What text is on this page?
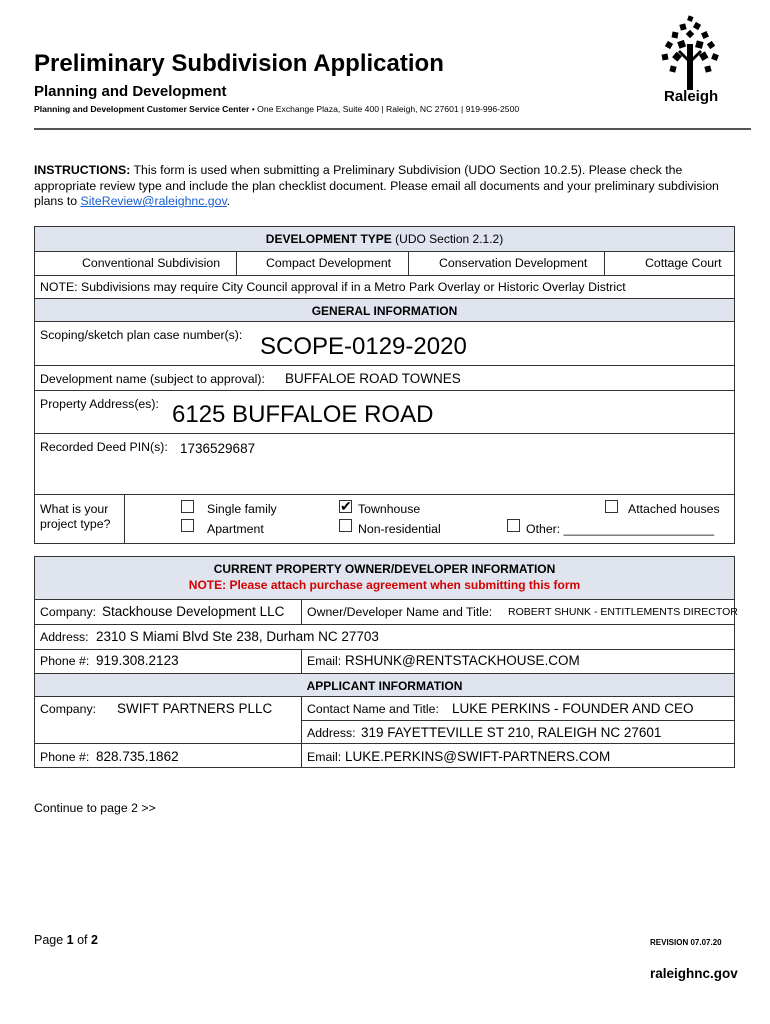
Preliminary Subdivision Application
Planning and Development
Planning and Development Customer Service Center • One Exchange Plaza, Suite 400 | Raleigh, NC 27601 | 919-996-2500
Raleigh
INSTRUCTIONS: This form is used when submitting a Preliminary Subdivision (UDO Section 10.2.5). Please check the appropriate review type and include the plan checklist document. Please email all documents and your preliminary subdivision plans to SiteReview@raleighnc.gov.
DEVELOPMENT TYPE (UDO Section 2.1.2)
Conventional Subdivision	Compact Development	Conservation Development	Cottage Court
NOTE: Subdivisions may require City Council approval if in a Metro Park Overlay or Historic Overlay District
GENERAL INFORMATION
Scoping/sketch plan case number(s): SCOPE-0129-2020
Development name (subject to approval): BUFFALOE ROAD TOWNES
Property Address(es): 6125 BUFFALOE ROAD
Recorded Deed PIN(s): 1736529687
What is your project type?
Single family
Apartment
✔ Townhouse
Non-residential
Attached houses
Other: ______________________
CURRENT PROPERTY OWNER/DEVELOPER INFORMATION
NOTE: Please attach purchase agreement when submitting this form
Company: Stackhouse Development LLC Owner/Developer Name and Title: ROBERT SHUNK - ENTITLEMENTS DIRECTOR
Address: 2310 S Miami Blvd Ste 238, Durham NC 27703
Phone #: 919.308.2123	Email: RSHUNK@RENTSTACKHOUSE.COM
APPLICANT INFORMATION
Company: SWIFT PARTNERS PLLC	Contact Name and Title: LUKE PERKINS - FOUNDER AND CEO
Address: 319 FAYETTEVILLE ST 210, RALEIGH NC 27601
Phone #: 828.735.1862	Email: LUKE.PERKINS@SWIFT-PARTNERS.COM
Continue to page 2 >>
Page 1 of 2	REVISION 07.07.20
raleighnc.gov
